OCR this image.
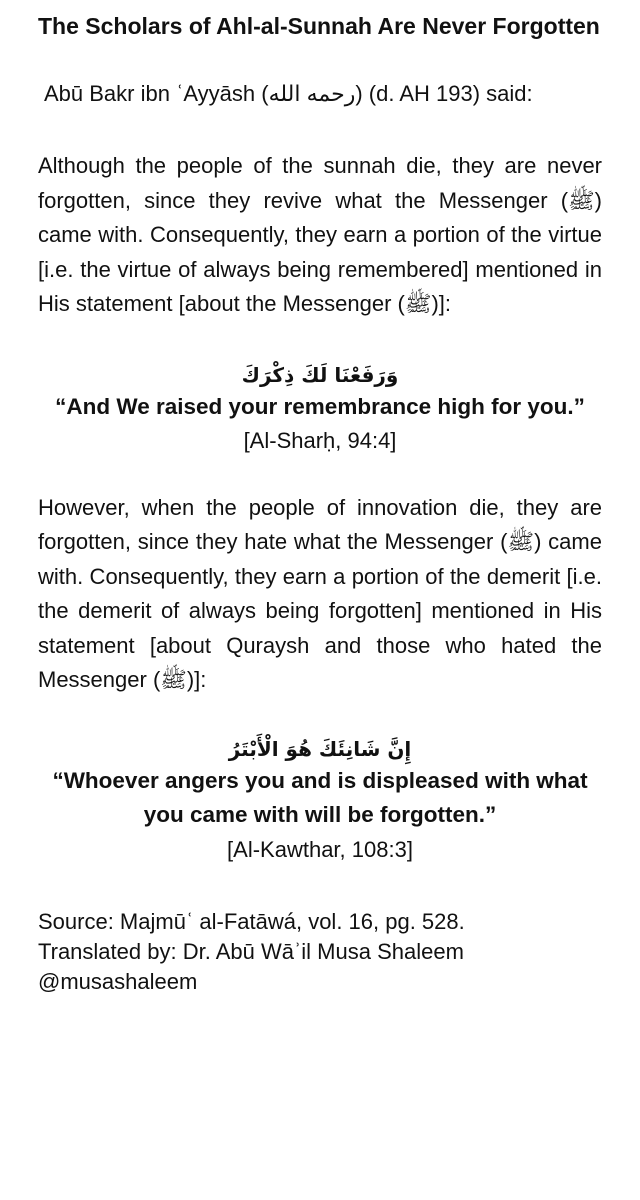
The Scholars of Ahl-al-Sunnah Are Never Forgotten

Abū Bakr ibn ʿAyyāsh (رحمه الله) (d. AH 193) said:

Although the people of the sunnah die, they are never forgotten, since they revive what the Messenger (ﷺ) came with. Consequently, they earn a portion of the virtue [i.e. the virtue of always being remembered] mentioned in His statement [about the Messenger (ﷺ)]:

وَرَفَعْنَا لَكَ ذِكْرَكَ

“And We raised your remembrance high for you.”

[Al-Sharḥ, 94:4]

However, when the people of innovation die, they are forgotten, since they hate what the Messenger (ﷺ) came with. Consequently, they earn a portion of the demerit [i.e. the demerit of always being forgotten] mentioned in His statement [about Quraysh and those who hated the Messenger (ﷺ)]:

إِنَّ شَانِئَكَ هُوَ الْأَبْتَرُ

“Whoever angers you and is displeased with what you came with will be forgotten.”

[Al-Kawthar, 108:3]

Source: Majmūʿ al-Fatāwá, vol. 16, pg. 528.

Translated by: Dr. Abū Wāʾil Musa Shaleem

@musashaleem
